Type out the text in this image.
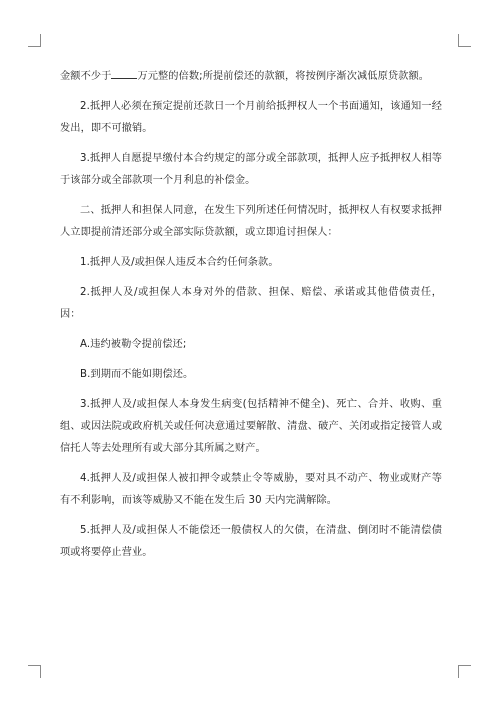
金额不少于	万元整的倍数;所提前偿还的款额，将按例序渐次减低原贷款额。

2.抵押人必须在预定提前还款日一个月前给抵押权人一个书面通知，该通知一经发出，即不可撤销。

3.抵押人自愿提早缴付本合约规定的部分或全部款项，抵押人应予抵押权人相等于该部分或全部款项一个月利息的补偿金。

二、抵押人和担保人同意，在发生下列所述任何情况时，抵押权人有权要求抵押人立即提前清还部分或全部实际贷款额，或立即追讨担保人：

1.抵押人及/或担保人违反本合约任何条款。

2.抵押人及/或担保人本身对外的借款、担保、赔偿、承诺或其他借债责任，因：

A.违约被勒令提前偿还;

B.到期而不能如期偿还。

3.抵押人及/或担保人本身发生病变(包括精神不健全)、死亡、合并、收购、重组、或因法院或政府机关或任何决意通过要解散、清盘、破产、关闭或指定接管人或信托人等去处理所有或大部分其所属之财产。

4.抵押人及/或担保人被扣押令或禁止令等威胁，要对具不动产、物业或财产等有不利影响，而该等威胁又不能在发生后 30 天内完满解除。

5.抵押人及/或担保人不能偿还一般债权人的欠债，在清盘、倒闭时不能清偿债项或将要停止营业。
